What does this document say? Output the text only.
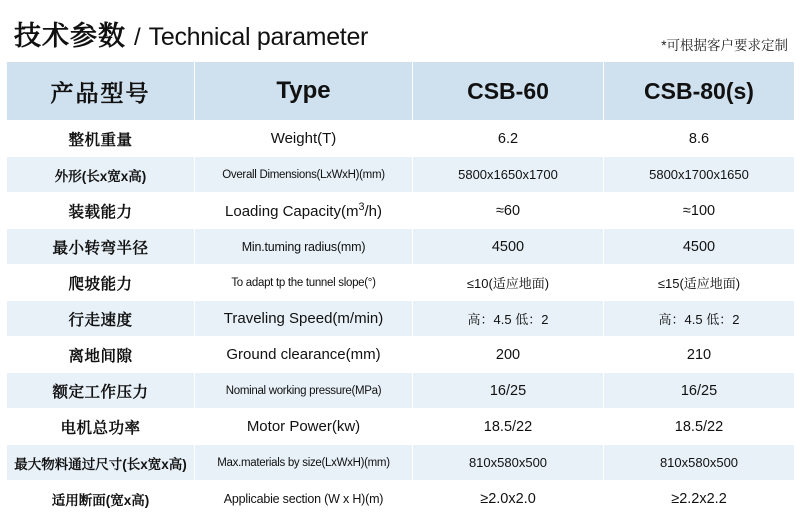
技术参数 / Technical parameter	*可根据客户要求定制
产品型号	Type	CSB-60	CSB-80(s)
整机重量	Weight(T)	6.2	8.6
外形(长x宽x高)	Overall Dimensions(LxWxH)(mm)	5800x1650x1700	5800x1700x1650
装载能力	Loading $Capacity(m^3/h)$	≈60	≈100
最小转弯半径	Min.tuming radius(mm)	4500	4500
爬坡能力	To adapt tp the tunnel slope(°)	≤10(适应地面)	≤15(适应地面)
行走速度	Traveling Speed(m/min)	高：4.5 低：2	高：4.5 低：2
离地间隙	Ground clearance(mm)	200	210
额定工作压力	Nominal working pressure(MPa)	16/25	16/25
电机总功率	Motor Power(kw)	18.5/22	18.5/22
最大物料通过尺寸(长x宽x高)	Max.materials by size(LxWxH)(mm)	810x580x500	810x580x500
适用断面(宽x高)	Applicabie section (W x H)(m)	≥2.0x2.0	≥2.2x2.2
